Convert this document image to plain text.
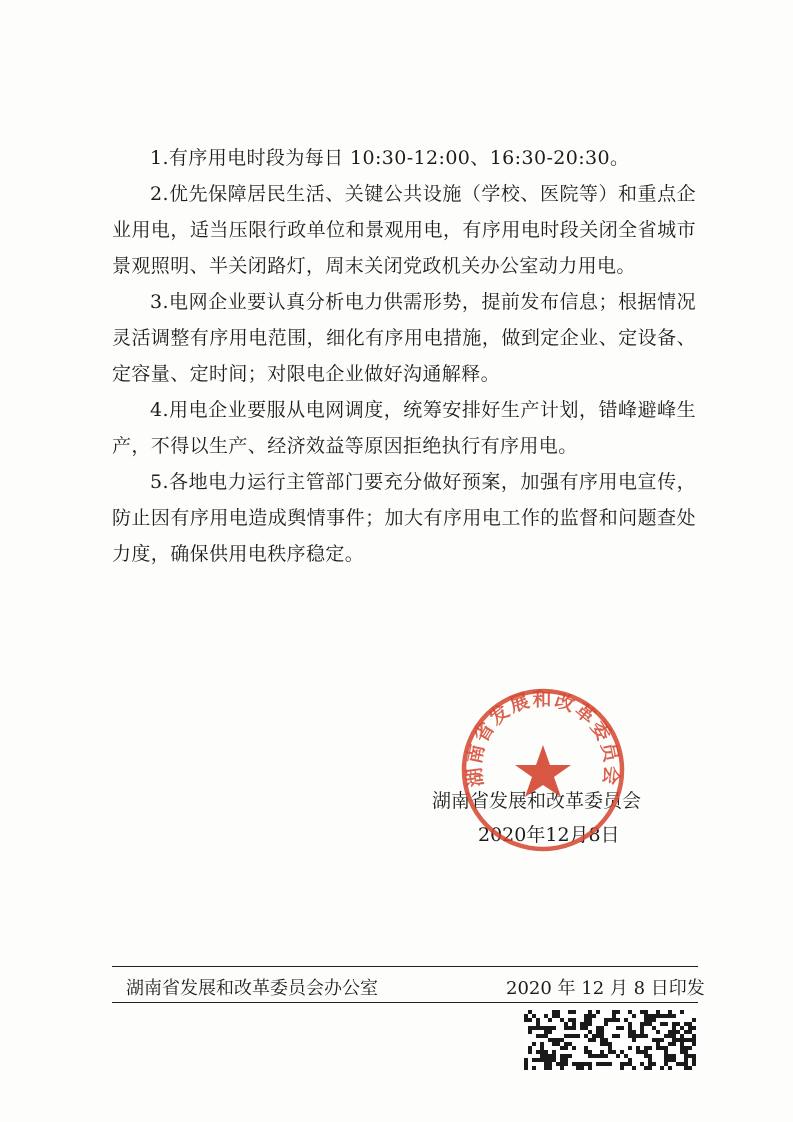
1.有序用电时段为每日 10:30-12:00、16:30-20:30。

2.优先保障居民生活、关键公共设施（学校、医院等）和重点企业用电，适当压限行政单位和景观用电，有序用电时段关闭全省城市景观照明、半关闭路灯，周末关闭党政机关办公室动力用电。

3.电网企业要认真分析电力供需形势，提前发布信息；根据情况灵活调整有序用电范围，细化有序用电措施，做到定企业、定设备、定容量、定时间；对限电企业做好沟通解释。

4.用电企业要服从电网调度，统筹安排好生产计划，错峰避峰生产，不得以生产、经济效益等原因拒绝执行有序用电。

5.各地电力运行主管部门要充分做好预案，加强有序用电宣传，防止因有序用电造成舆情事件；加大有序用电工作的监督和问题查处力度，确保供用电秩序稳定。

湖南省发展和改革委员会
2020年12月8日
湖南省发展和改革委员会
湖南省发展和改革委员会办公室	2020 年 12 月 8 日印发
